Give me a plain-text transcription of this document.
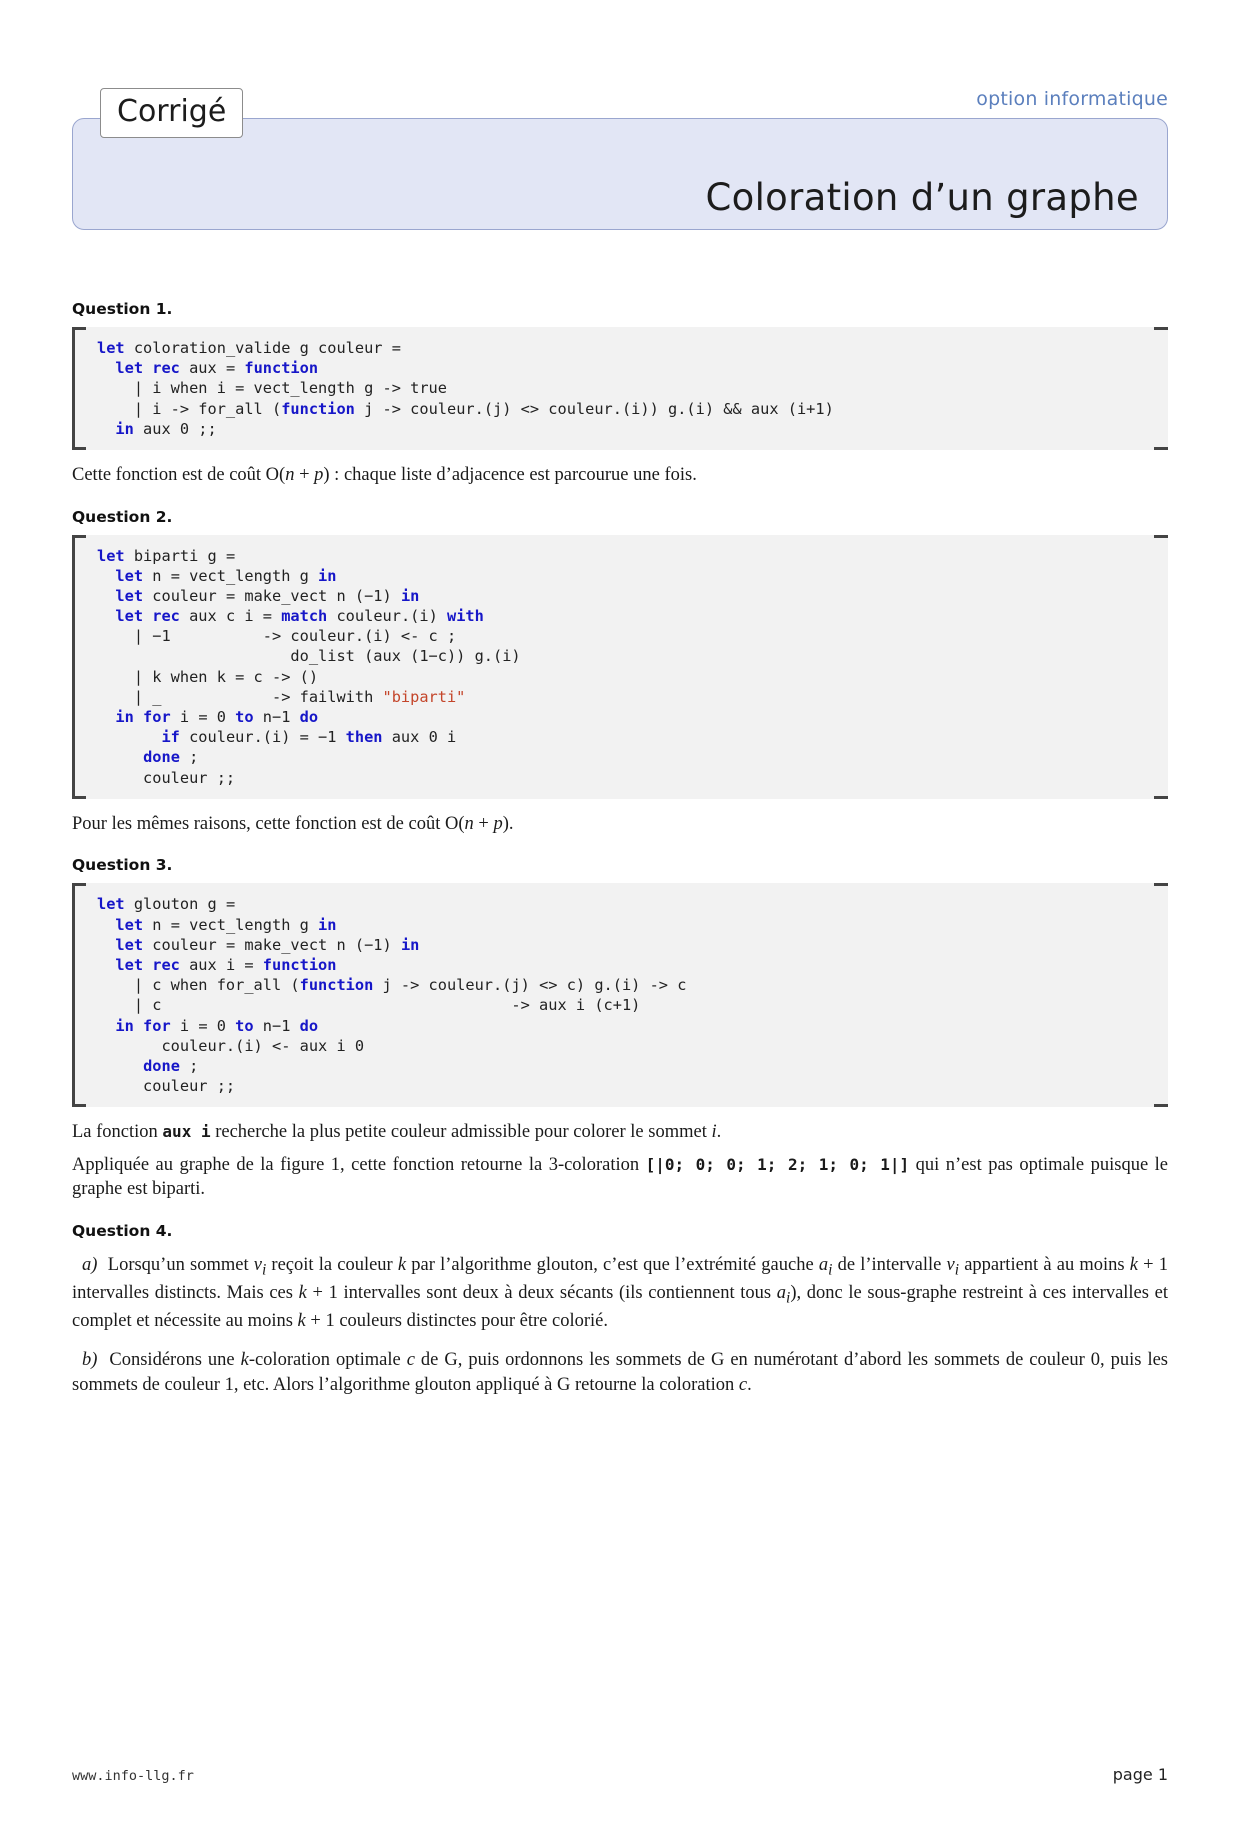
option informatique
Coloration d’un graphe
Corrigé
Question 1.
let coloration_valide g couleur =
let rec aux = function
| i when i = vect_length g -> true
| i -> for_all (function j -> couleur.(j) <> couleur.(i)) g.(i) && aux (i+1)
in aux 0 ;;
Cette fonction est de coût O(n + p) : chaque liste d’adjacence est parcourue une fois.
Question 2.
let biparti g =
let n = vect_length g in
let couleur = make_vect n (−1) in
let rec aux c i = match couleur.(i) with
| −1          -> couleur.(i) <- c ;
do_list (aux (1−c)) g.(i)
| k when k = c -> ()
| _            -> failwith "biparti"
in for i = 0 to n−1 do
if couleur.(i) = −1 then aux 0 i
done ;
couleur ;;
Pour les mêmes raisons, cette fonction est de coût O(n + p).
Question 3.
let glouton g =
let n = vect_length g in
let couleur = make_vect n (−1) in
let rec aux i = function
| c when for_all (function j -> couleur.(j) <> c) g.(i) -> c
| c                                      -> aux i (c+1)
in for i = 0 to n−1 do
couleur.(i) <- aux i 0
done ;
couleur ;;
La fonction aux i recherche la plus petite couleur admissible pour colorer le sommet i.
Appliquée au graphe de la figure 1, cette fonction retourne la 3-coloration [|0; 0; 0; 1; 2; 1; 0; 1|] qui n’est pas optimale puisque le graphe est biparti.
Question 4.
a)  Lorsqu’un sommet $v_i$ reçoit la couleur k par l’algorithme glouton, c’est que l’extrémité gauche $a_i$ de l’intervalle $v_i$ appartient à au moins k + 1 intervalles distincts. Mais ces k + 1 intervalles sont deux à deux sécants (ils contiennent tous $a_i$), donc le sous-graphe restreint à ces intervalles et complet et nécessite au moins k + 1 couleurs distinctes pour être colorié.
b)  Considérons une k-coloration optimale c de G, puis ordonnons les sommets de G en numérotant d’abord les sommets de couleur 0, puis les sommets de couleur 1, etc. Alors l’algorithme glouton appliqué à G retourne la coloration c.
www.info-llg.fr	page 1
